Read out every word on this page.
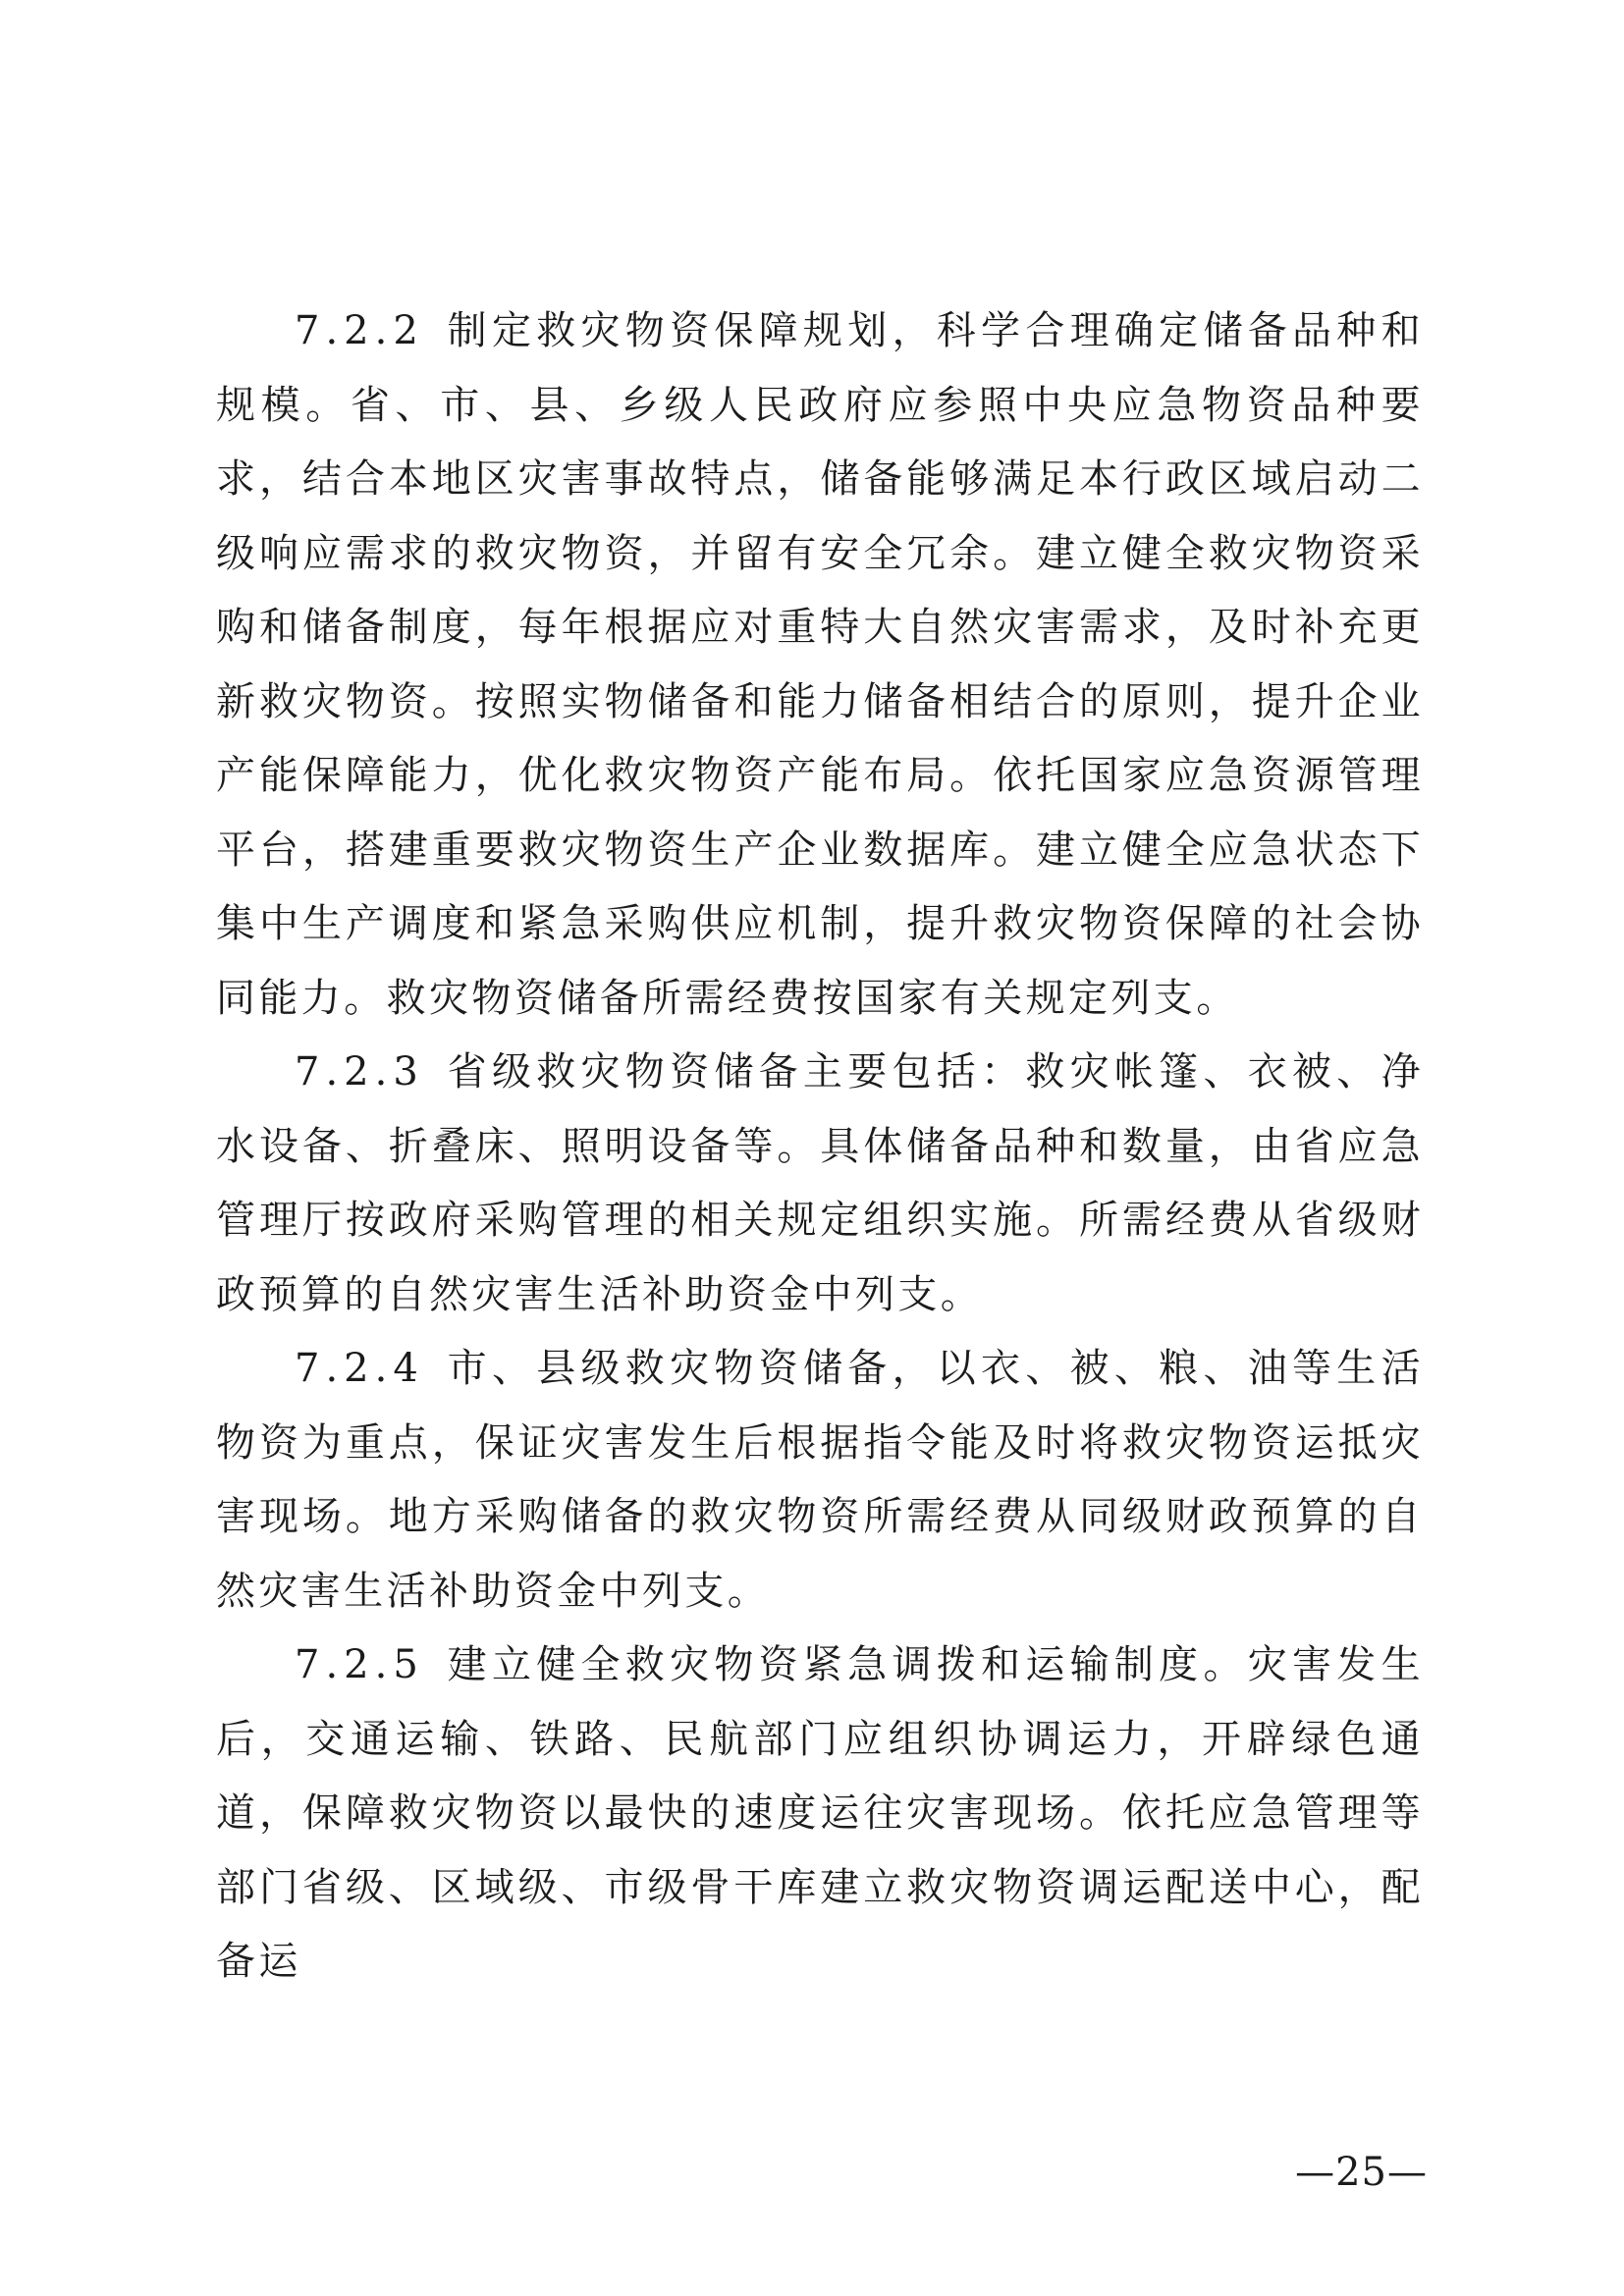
7.2.2 制定救灾物资保障规划，科学合理确定储备品种和规模。省、市、县、乡级人民政府应参照中央应急物资品种要求，结合本地区灾害事故特点，储备能够满足本行政区域启动二级响应需求的救灾物资，并留有安全冗余。建立健全救灾物资采购和储备制度，每年根据应对重特大自然灾害需求，及时补充更新救灾物资。按照实物储备和能力储备相结合的原则，提升企业产能保障能力，优化救灾物资产能布局。依托国家应急资源管理平台，搭建重要救灾物资生产企业数据库。建立健全应急状态下集中生产调度和紧急采购供应机制，提升救灾物资保障的社会协同能力。救灾物资储备所需经费按国家有关规定列支。

7.2.3 省级救灾物资储备主要包括：救灾帐篷、衣被、净水设备、折叠床、照明设备等。具体储备品种和数量，由省应急管理厅按政府采购管理的相关规定组织实施。所需经费从省级财政预算的自然灾害生活补助资金中列支。

7.2.4 市、县级救灾物资储备，以衣、被、粮、油等生活物资为重点，保证灾害发生后根据指令能及时将救灾物资运抵灾害现场。地方采购储备的救灾物资所需经费从同级财政预算的自然灾害生活补助资金中列支。

7.2.5 建立健全救灾物资紧急调拨和运输制度。灾害发生后，交通运输、铁路、民航部门应组织协调运力，开辟绿色通道，保障救灾物资以最快的速度运往灾害现场。依托应急管理等部门省级、区域级、市级骨干库建立救灾物资调运配送中心，配备运

—25—
